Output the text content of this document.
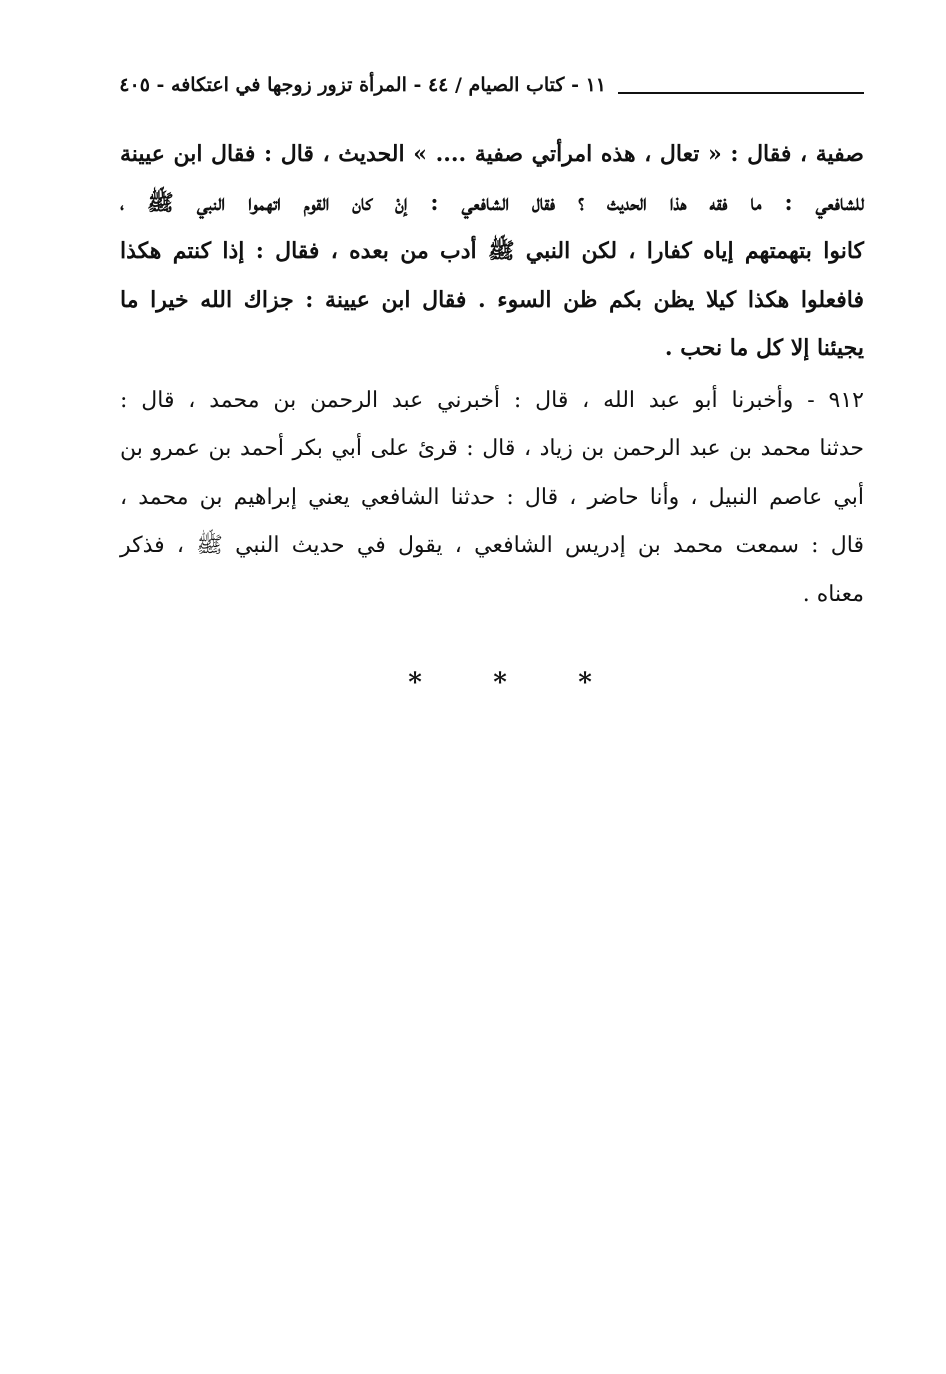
١١ - كتاب الصيام / ٤٤ - المرأة تزور زوجها في اعتكافه - ٤٠٥

صفية ، فقال : « تعال ، هذه امرأتي صفية .... » الحديث ، قال : فقال ابن عيينة
للشافعي : ما فقه هذا الحديث ؟ فقال الشافعي : إنْ كان القوم اتهموا النبي ﷺ ،
كانوا بتهمتهم إياه كفارا ، لكن النبي ﷺ أدب من بعده ، فقال : إذا كنتم هكذا
فافعلوا هكذا كيلا يظن بكم ظن السوء . فقال ابن عيينة : جزاك الله خيرا ما
يجيئنا إلا كل ما نحب .

٩١٢ - وأخبرنا أبو عبد الله ، قال : أخبرني عبد الرحمن بن محمد ، قال :
حدثنا محمد بن عبد الرحمن بن زياد ، قال : قرئ على أبي بكر أحمد بن عمرو بن
أبي عاصم النبيل ، وأنا حاضر ، قال : حدثنا الشافعي يعني إبراهيم بن محمد ،
قال : سمعت محمد بن إدريس الشافعي ، يقول في حديث النبي ﷺ ، فذكر
معناه .

*	*	*
